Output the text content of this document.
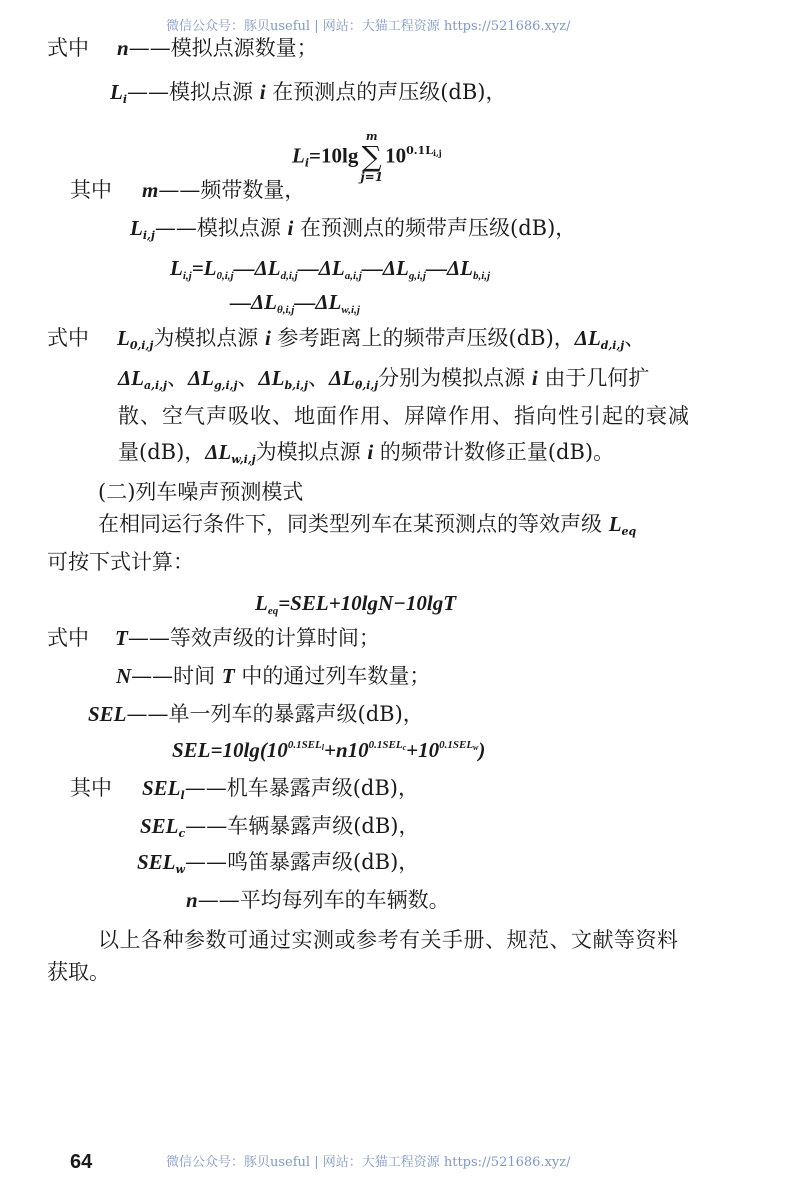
微信公众号：豚贝useful | 网站：大猫工程资源 https://521686.xyz/
式中 n——模拟点源数量；
$L_i——$模拟点源 i 在预测点的声压级(dB)，
$L_i=10\lg$
m
∑
j=1
$10^{0.1Li,j}$
其中 m——频带数量，
$L_{i,j}——$模拟点源 i 在预测点的频带声压级(dB)，
$L_{i,j}=L_{0,i,j}—\Delta L_{d,i,j}—\Delta L_{a,i,j}—\Delta L_{g,i,j}—\Delta L_{b,i,j}$
$—\Delta L_{\theta,i,j}—\Delta L_{w,i,j}$
式中 $L_{0,i,j}$为模拟点源 i 参考距离上的频带声压级(dB)，$\Delta L_{d,i,j}$、
$\Delta L_{a,i,j}$、$\Delta L_{g,i,j}$、$\Delta L_{b,i,j}$、$\Delta L_{\theta,i,j}$分别为模拟点源 i 由于几何扩
散、空气声吸收、地面作用、屏障作用、指向性引起的衰减
量(dB)，$\Delta L_{w,i,j}$为模拟点源 i 的频带计数修正量(dB)。
(二)列车噪声预测模式
在相同运行条件下，同类型列车在某预测点的等效声级 $L_{eq}$
可按下式计算：
$L_{eq}=SEL+10\lg N-10\lg T$
式中 T——等效声级的计算时间；
N——时间 T 中的通过列车数量；
SEL——单一列车的暴露声级(dB)，
$SEL=10\lg(10^{0.1SELl}+n10^{0.1SELc}+10^{0.1SELw})$
其中 $SEL_l——$机车暴露声级(dB)，
$SEL_c——$车辆暴露声级(dB)，
$SEL_w——$鸣笛暴露声级(dB)，
n——平均每列车的车辆数。
以上各种参数可通过实测或参考有关手册、规范、文献等资料
获取。
64	微信公众号：豚贝useful | 网站：大猫工程资源 https://521686.xyz/
